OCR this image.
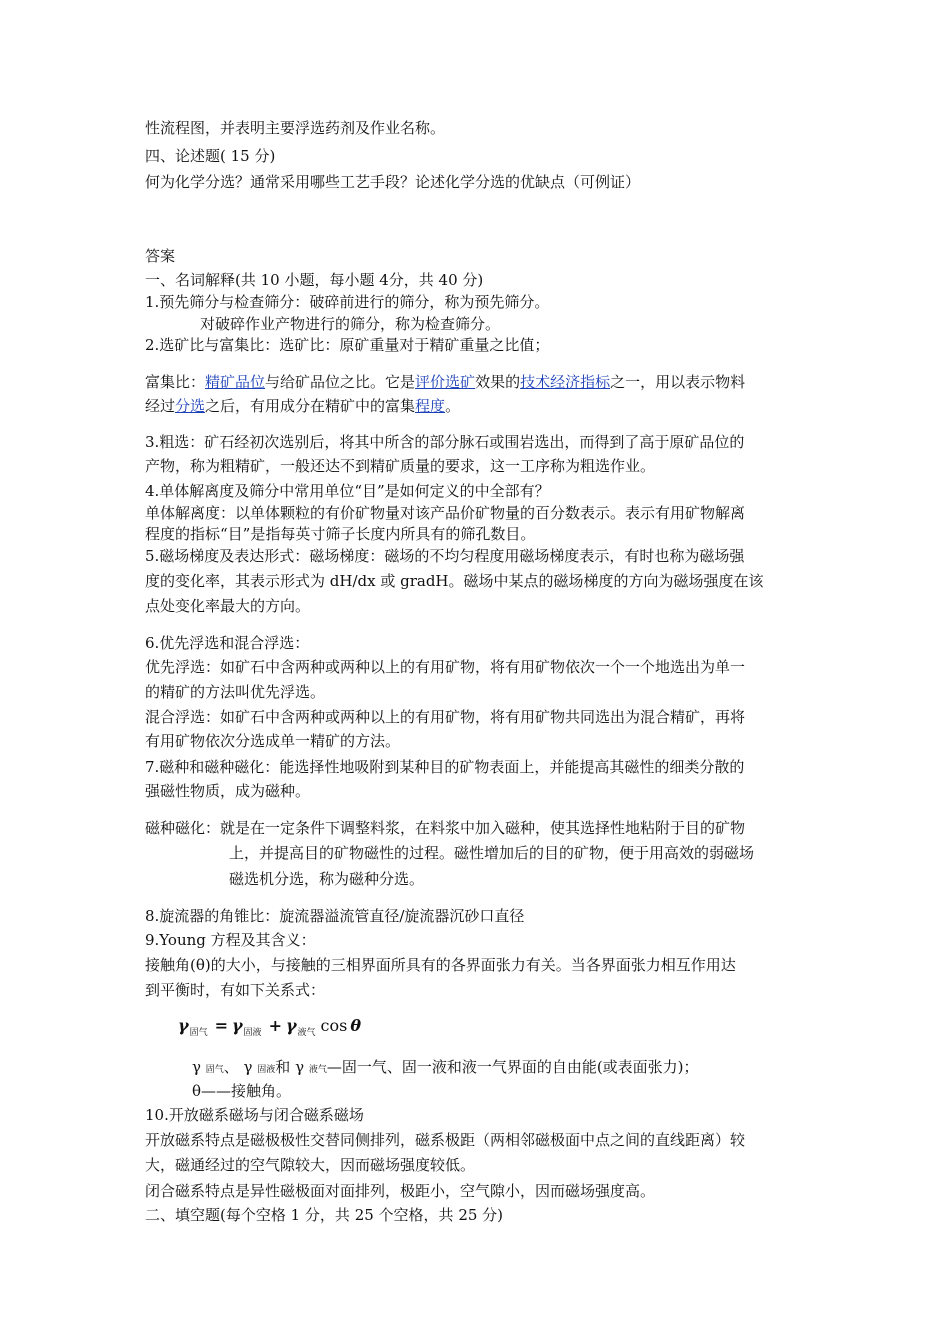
性流程图，并表明主要浮选药剂及作业名称。
四、论述题( 15 分)
何为化学分选？通常采用哪些工艺手段？论述化学分选的优缺点（可例证）
答案
一、名词解释(共 10 小题，每小题 4分，共 40 分)
1.预先筛分与检查筛分：破碎前进行的筛分，称为预先筛分。
对破碎作业产物进行的筛分，称为检查筛分。
2.选矿比与富集比：选矿比：原矿重量对于精矿重量之比值；
富集比：精矿品位与给矿品位之比。它是评价选矿效果的技术经济指标之一，用以表示物料
经过分选之后，有用成分在精矿中的富集程度。
3.粗选：矿石经初次选别后，将其中所含的部分脉石或围岩选出，而得到了高于原矿品位的
产物，称为粗精矿，一般还达不到精矿质量的要求，这一工序称为粗选作业。
4.单体解离度及筛分中常用单位“目”是如何定义的中全部有？
单体解离度：以单体颗粒的有价矿物量对该产品价矿物量的百分数表示。表示有用矿物解离
程度的指标“目”是指每英寸筛子长度内所具有的筛孔数目。
5.磁场梯度及表达形式：磁场梯度：磁场的不均匀程度用磁场梯度表示，有时也称为磁场强
度的变化率，其表示形式为 dH/dx 或 gradH。磁场中某点的磁场梯度的方向为磁场强度在该
点处变化率最大的方向。
6.优先浮选和混合浮选：
优先浮选：如矿石中含两种或两种以上的有用矿物，将有用矿物依次一个一个地选出为单一
的精矿的方法叫优先浮选。
混合浮选：如矿石中含两种或两种以上的有用矿物，将有用矿物共同选出为混合精矿，再将
有用矿物依次分选成单一精矿的方法。
7.磁种和磁种磁化：能选择性地吸附到某种目的矿物表面上，并能提高其磁性的细类分散的
强磁性物质，成为磁种。
磁种磁化：就是在一定条件下调整料浆，在料浆中加入磁种，使其选择性地粘附于目的矿物
上，并提高目的矿物磁性的过程。磁性增加后的目的矿物，便于用高效的弱磁场
磁选机分选，称为磁种分选。
8.旋流器的角锥比：旋流器溢流管直径/旋流器沉砂口直径
9.Young 方程及其含义：
接触角(θ)的大小，与接触的三相界面所具有的各界面张力有关。当各界面张力相互作用达
到平衡时，有如下关系式：
$\gamma_{固气} = \gamma_{固液} + \gamma_{液气}$ cos θ
γ 固气、 γ 固液和 γ 液气—固一气、固一液和液一气界面的自由能(或表面张力)；
θ——接触角。
10.开放磁系磁场与闭合磁系磁场
开放磁系特点是磁极极性交替同侧排列，磁系极距（两相邻磁极面中点之间的直线距离）较
大，磁通经过的空气隙较大，因而磁场强度较低。
闭合磁系特点是异性磁极面对面排列，极距小，空气隙小，因而磁场强度高。
二、填空题(每个空格 1 分，共 25 个空格，共 25 分)
